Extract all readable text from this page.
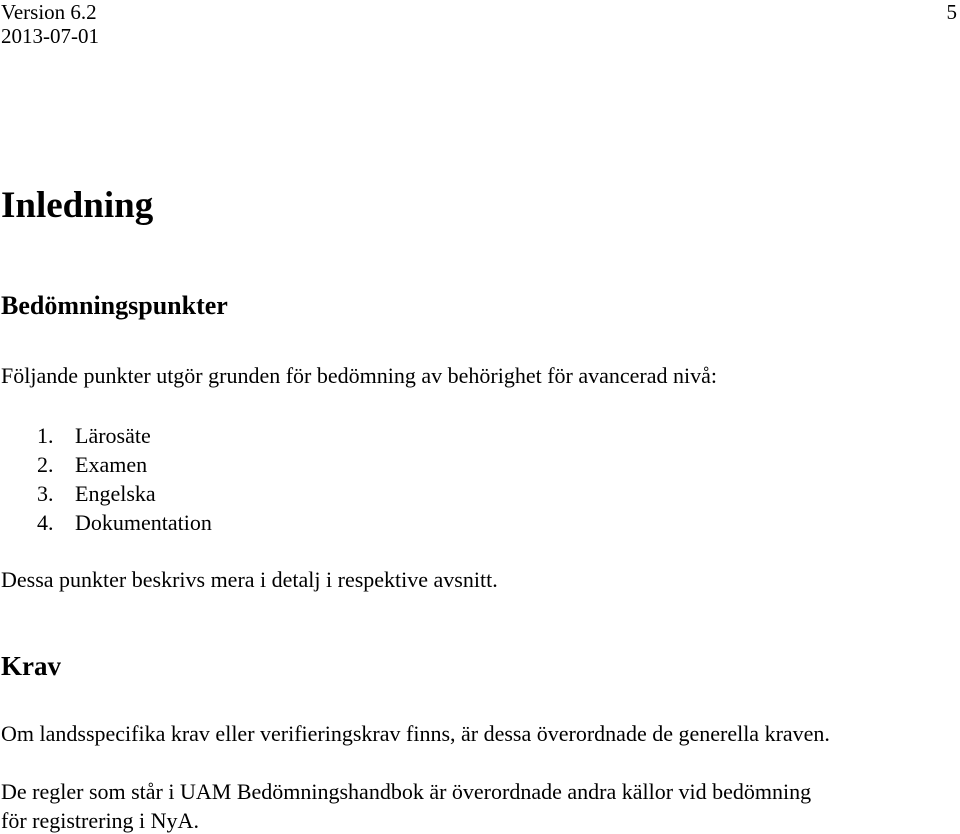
Version 6.2
2013-07-01
5
Inledning
Bedömningspunkter

Följande punkter utgör grunden för bedömning av behörighet för avancerad nivå:

1. Lärosäte
2. Examen
3. Engelska
4. Dokumentation

Dessa punkter beskrivs mera i detalj i respektive avsnitt.

Krav

Om landsspecifika krav eller verifieringskrav finns, är dessa överordnade de generella kraven.

De regler som står i UAM Bedömningshandbok är överordnade andra källor vid bedömning

för registrering i NyA.
